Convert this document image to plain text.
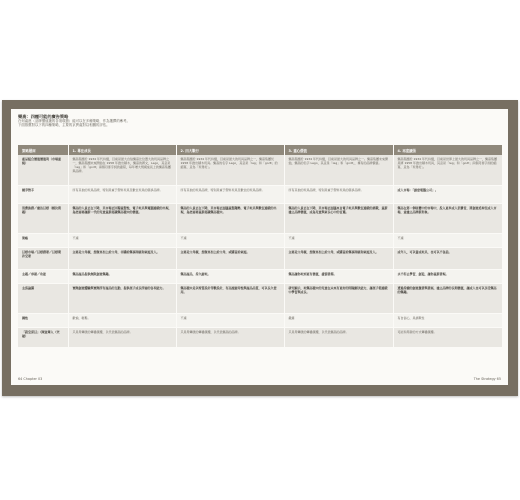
樂高：四種可能的廣告策略
在何處進（品牌價值鏈的各項環節）能可以在多種策略，作為選擇的參考。
下面推薦對以下的四種策略，主要的京異處對以相關的評估。
策略層面	1. 專注成長	2. 四大戰行	3. 重心價值	4. 再度擴張
產品組合價值價值利（市場面貌）	樂高集團於 1934 年代持續，目前是最大自信樂高比位置大的玩具品牌之一，樂高集團未來開始在 1958 年推出積木，樂高的將文，Lego，其意是「leg」和「godt」兩個丹麥字詞的縮寫，每年增大規模成長上的樂高集團與品牌。	樂高集團於 1934 年代持續，目前是最大的玩具品牌之一，樂高集團於 1958 年推出積木玩具。樂高的名字 Lego，其意是「leg」和「godt」的縮寫，意為「玩得好」。	樂高集團於 1934 年代持續，目前是最大的玩具品牌之一。樂高集團未來開始，樂高的名字 Lego，其意是「leg」和「godt」，擁有的品牌價值。	樂高集團於 1934 年代持續，目前是世界上最大的玩具品牌之一，樂高集團是將 1958 年推出積木玩具，其意是「leg」和「godt」兩個丹麥字詞的縮寫，意為「玩得好」。
競爭對手	所有其他的玩具品牌，特別是重于塑料玩具及數位玩具的競爭品牌。	所有其他的玩具品牌，特別是重于塑料玩具及數位的玩具品牌。	所有其他的玩具品牌，特別是重于塑料玩具的競爭品牌。	成人市場：「創意電腦公司」。
消費族群／廣告目標（解決問題）	樂高的人員正在下降，其市場正回獨重塑性，電子玩具與電腦遊戲的出現，為此需要讓新一代的兒童重新認識樂高積木的價值。	樂高的人員正在下降，其市場正面臨重塑趨勢，電子玩具與數位遊戲的出現，為此需要重新認識樂高積木。	樂高的人員正在下降，其市場正面臨來自電子玩具與數位遊戲的挑戰，重新建立品牌價值，成為兒童與家長心中的首選。	樂高在第一個收穫中的市場中，投入更多成人消費者，將創意延伸至成人市場，並建立品牌新形象。
策略	不適	不適	不適	不適
目標市場／目標群眾／目標期許受眾	主要是父母親，想做再加上給父母，非購給樂事開就和家庭及人。	主要是父母親，想做再加上給父母，或購買給家庭。	主要是父母親，想做再加上給父母，或購買給樂事開就和家庭及人。	成年人，可以當成玩具，也可以不包括。
主題／承諾／功能	樂高產品提供無限創意樂趣。	樂高產品，持久耐玩。	樂高讓你玩到更有價值，盡情發揮。	永不停止學習，創造，讓你重新發現。
主張論據	實際創意體驗與實際所有產品的互動，提供孩子成長所需的各項能力。	樂高積木是以特質設計等數設計，有高度耐用性與產品品質，可以長久使用。	研究顯示，玩樂高積木的兒童在未來有更好的問題解決能力，讓孩子從遊戲中學習與成長。	透過持續的創意激發與發展，建立品牌的長期價值，讓成人也可以享受樂高的樂趣。
調性	歡愉，輕鬆。	不適	嚴肅	有自信心，具挑戰性
「殺至深目」（陳宣傳入（突破）	只是用傳統的傳播媒體，以代表樂高的品牌。	只是用傳統的傳播媒體，以代表樂高的品牌。	只是用傳統的傳播媒體，以代表樂高的品牌。	可能和用新的方式傳播媒體。
64 Chapter 03	The Strategy 65
